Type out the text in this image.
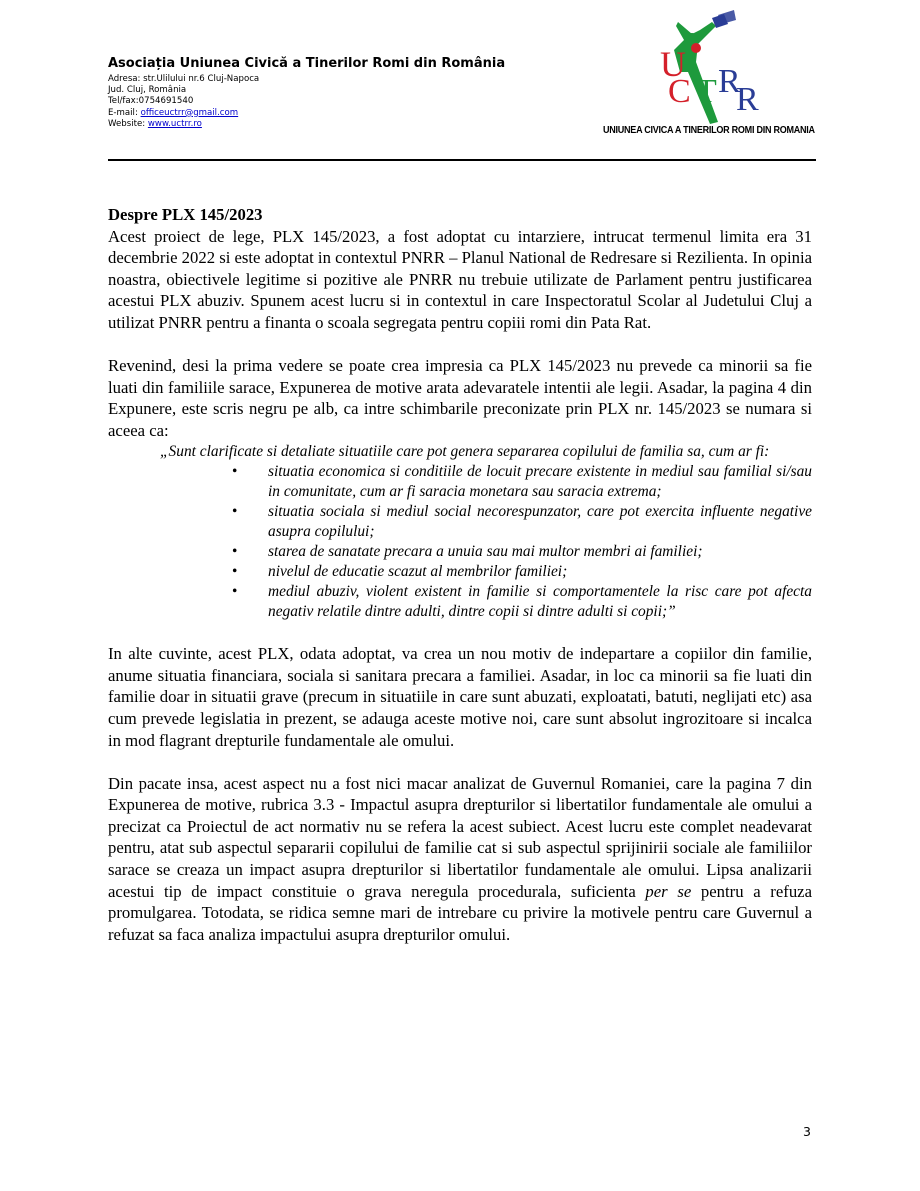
Asociația Uniunea Civică a Tinerilor Romi din România

Adresa: str.Ulilului nr.6 Cluj-Napoca

Jud. Cluj, România

Tel/fax:0754691540

E-mail: officeuctrr@gmail.com

Website: www.uctrr.ro

U
C T R
R
UNIUNEA CIVICA A TINERILOR ROMI DIN ROMANIA

Despre PLX 145/2023

Acest proiect de lege, PLX 145/2023, a fost adoptat cu intarziere, intrucat termenul limita era 31 decembrie 2022 si este adoptat in contextul PNRR – Planul National de Redresare si Rezilienta. In opinia noastra, obiectivele legitime si pozitive ale PNRR nu trebuie utilizate de Parlament pentru justificarea acestui PLX abuziv. Spunem acest lucru si in contextul in care Inspectoratul Scolar al Judetului Cluj a utilizat PNRR pentru a finanta o scoala segregata pentru copiii romi din Pata Rat.

Revenind, desi la prima vedere se poate crea impresia ca PLX 145/2023 nu prevede ca minorii sa fie luati din familiile sarace, Expunerea de motive arata adevaratele intentii ale legii. Asadar, la pagina 4 din Expunere, este scris negru pe alb, ca intre schimbarile preconizate prin PLX nr. 145/2023 se numara si aceea ca:

„Sunt clarificate si detaliate situatiile care pot genera separarea copilului de familia sa, cum ar fi:

• situatia economica si conditiile de locuit precare existente in mediul sau familial si/sau in comunitate, cum ar fi saracia monetara sau saracia extrema;
• situatia sociala si mediul social necorespunzator, care pot exercita influente negative asupra copilului;
• starea de sanatate precara a unuia sau mai multor membri ai familiei;
• nivelul de educatie scazut al membrilor familiei;
• mediul abuziv, violent existent in familie si comportamentele la risc care pot afecta negativ relatile dintre adulti, dintre copii si dintre adulti si copii;”

In alte cuvinte, acest PLX, odata adoptat, va crea un nou motiv de indepartare a copiilor din familie, anume situatia financiara, sociala si sanitara precara a familiei. Asadar, in loc ca minorii sa fie luati din familie doar in situatii grave (precum in situatiile in care sunt abuzati, exploatati, batuti, neglijati etc) asa cum prevede legislatia in prezent, se adauga aceste motive noi, care sunt absolut ingrozitoare si incalca in mod flagrant drepturile fundamentale ale omului.

Din pacate insa, acest aspect nu a fost nici macar analizat de Guvernul Romaniei, care la pagina 7 din Expunerea de motive, rubrica 3.3 - Impactul asupra drepturilor si libertatilor fundamentale ale omului a precizat ca Proiectul de act normativ nu se refera la acest subiect. Acest lucru este complet neadevarat pentru, atat sub aspectul separarii copilului de familie cat si sub aspectul sprijinirii sociale ale familiilor sarace se creaza un impact asupra drepturilor si libertatilor fundamentale ale omului. Lipsa analizarii acestui tip de impact constituie o grava neregula procedurala, suficienta per se pentru a refuza promulgarea. Totodata, se ridica semne mari de intrebare cu privire la motivele pentru care Guvernul a refuzat sa faca analiza impactului asupra drepturilor omului.

3
